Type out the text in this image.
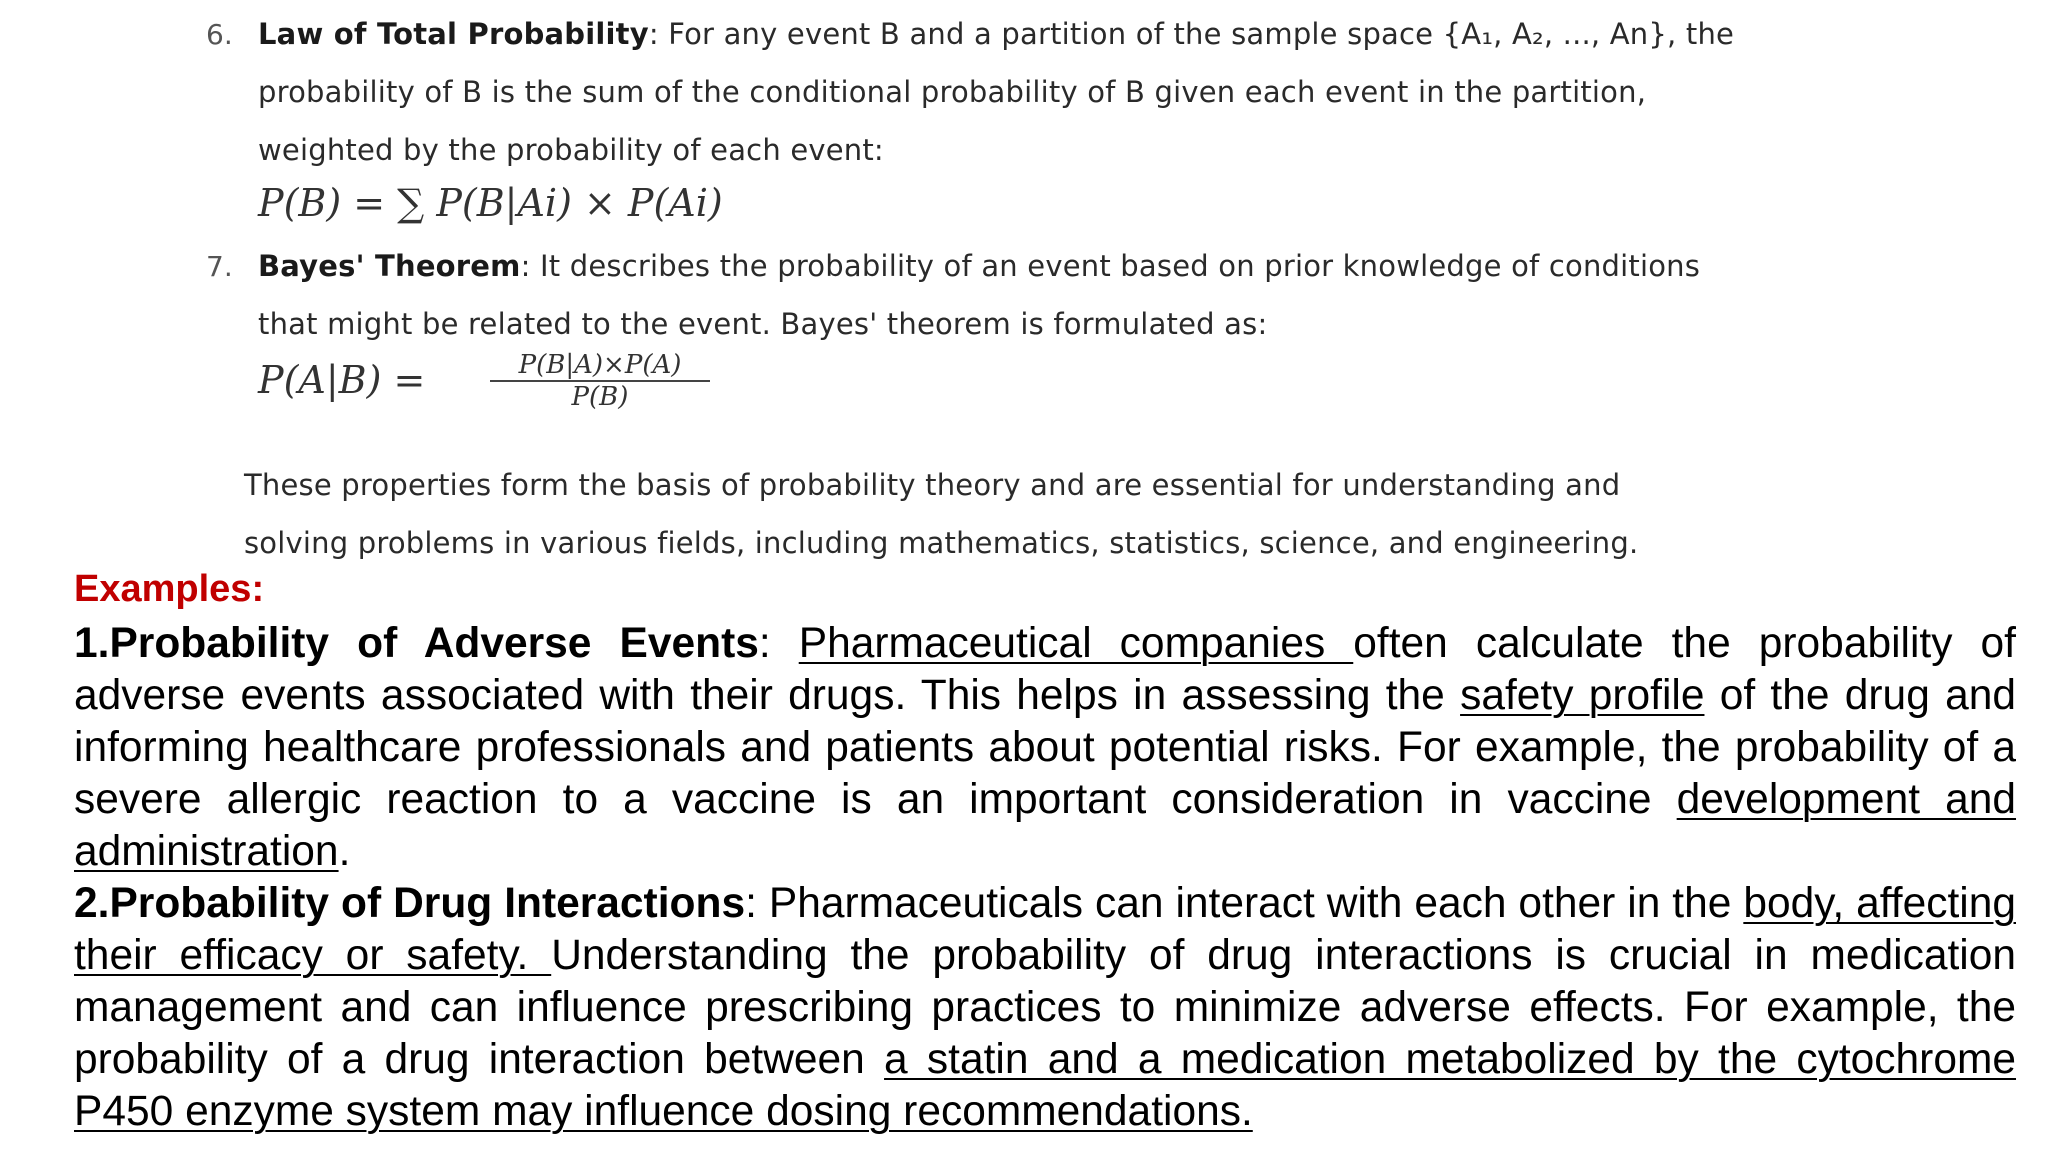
6. Law of Total Probability: For any event B and a partition of the sample space {A₁, A₂, ..., An}, the
probability of B is the sum of the conditional probability of B given each event in the partition,
weighted by the probability of each event:
P(B) = ∑ P(B|Ai) × P(Ai)
7. Bayes' Theorem: It describes the probability of an event based on prior knowledge of conditions
that might be related to the event. Bayes' theorem is formulated as:
P(A|B) =	P(B|A)×P(A)
P(B)
These properties form the basis of probability theory and are essential for understanding and
solving problems in various fields, including mathematics, statistics, science, and engineering.
Examples:

1.Probability of Adverse Events: Pharmaceutical companies often calculate the probability of adverse events associated with their drugs. This helps in assessing the safety profile of the drug and informing healthcare professionals and patients about potential risks. For example, the probability of a severe allergic reaction to a vaccine is an important consideration in vaccine development and administration.

2.Probability of Drug Interactions: Pharmaceuticals can interact with each other in the body, affecting their efficacy or safety. Understanding the probability of drug interactions is crucial in medication management and can influence prescribing practices to minimize adverse effects. For example, the probability of a drug interaction between a statin and a medication metabolized by the cytochrome P450 enzyme system may influence dosing recommendations.
